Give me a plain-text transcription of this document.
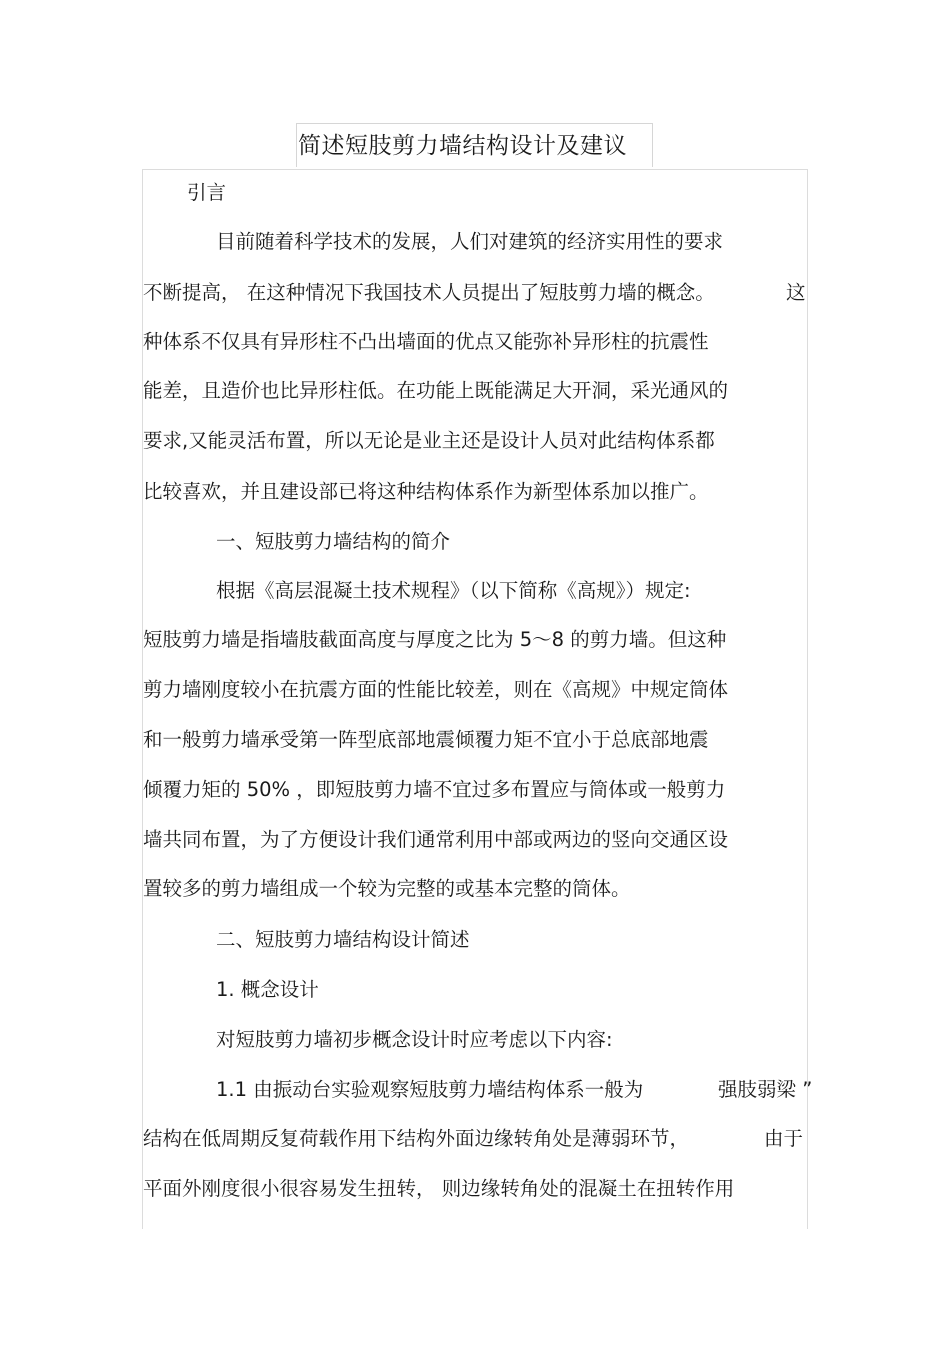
简述短肢剪力墙结构设计及建议
引言
目前随着科学技术的发展，人们对建筑的经济实用性的要求
不断提高， 在这种情况下我国技术人员提出了短肢剪力墙的概念。	这
种体系不仅具有异形柱不凸出墙面的优点又能弥补异形柱的抗震性
能差，且造价也比异形柱低。在功能上既能满足大开洞，采光通风的
要求,又能灵活布置，所以无论是业主还是设计人员对此结构体系都
比较喜欢，并且建设部已将这种结构体系作为新型体系加以推广。
一、短肢剪力墙结构的简介
根据《高层混凝土技术规程》（以下简称《高规》）规定:
短肢剪力墙是指墙肢截面高度与厚度之比为 5～8 的剪力墙。但这种
剪力墙刚度较小在抗震方面的性能比较差，则在《高规》中规定筒体
和一般剪力墙承受第一阵型底部地震倾覆力矩不宜小于总底部地震
倾覆力矩的 50% ，即短肢剪力墙不宜过多布置应与筒体或一般剪力
墙共同布置，为了方便设计我们通常利用中部或两边的竖向交通区设
置较多的剪力墙组成一个较为完整的或基本完整的筒体。
二、短肢剪力墙结构设计简述
1. 概念设计
对短肢剪力墙初步概念设计时应考虑以下内容:
1.1 由振动台实验观察短肢剪力墙结构体系一般为	强肢弱梁 ”
结构在低周期反复荷载作用下结构外面边缘转角处是薄弱环节，	由于
平面外刚度很小很容易发生扭转， 则边缘转角处的混凝土在扭转作用
